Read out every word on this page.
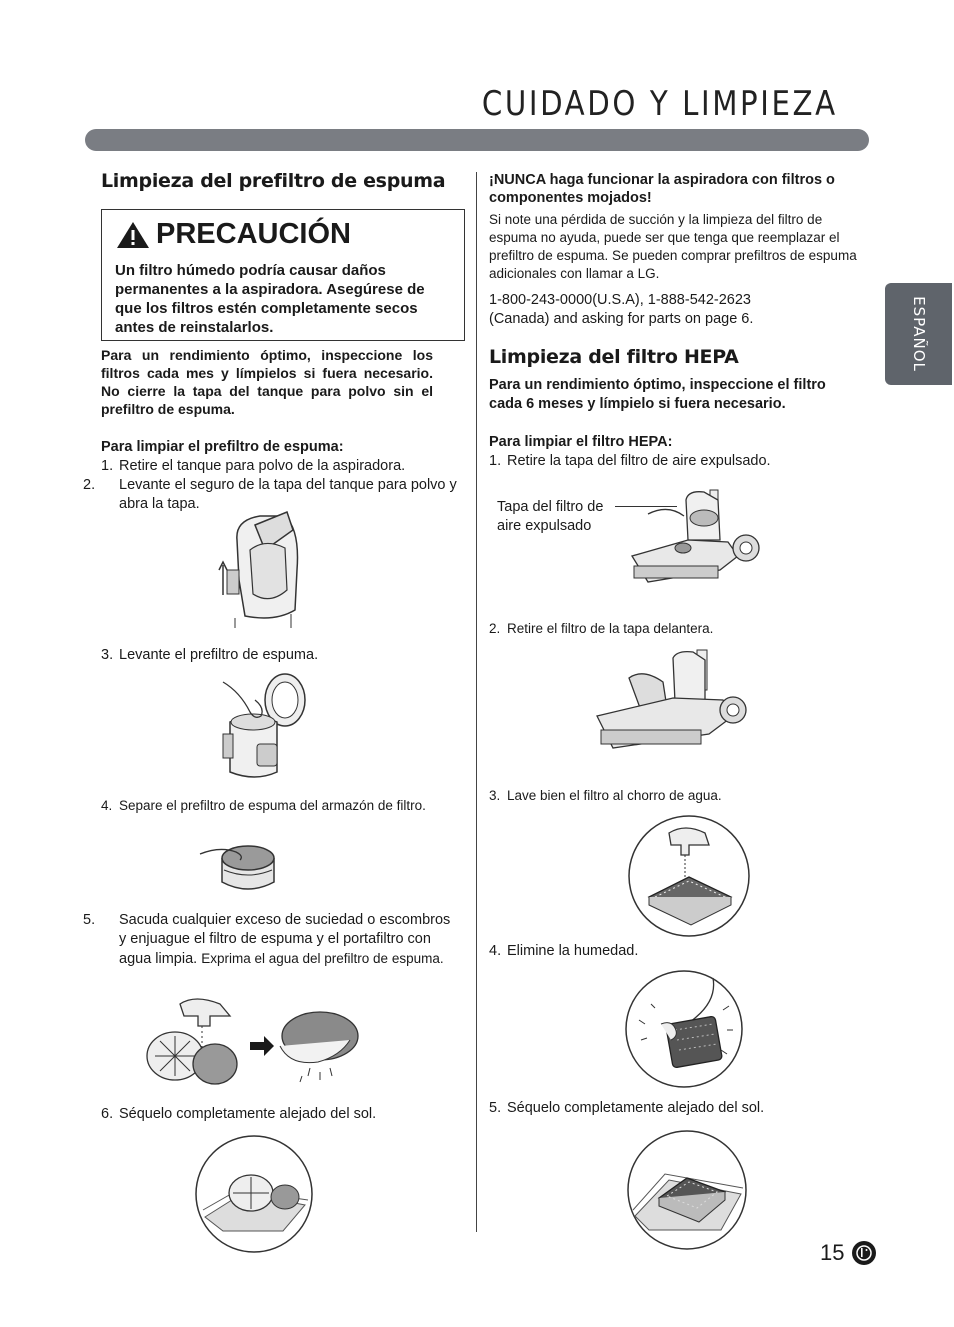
CUIDADO Y LIMPIEZA
ESPAÑOL
Limpieza del prefiltro de espuma
PRECAUCIÓN
Un filtro húmedo podría causar daños permanentes a la aspiradora. Asegúrese de que los filtros estén completamente secos antes de reinstalarlos.
Para un rendimiento óptimo, inspeccione los filtros cada mes y límpielos si fuera necesario. No cierre la tapa del tanque para polvo sin el prefiltro de espuma.
Para limpiar el prefiltro de espuma:
1. Retire el tanque para polvo de la aspiradora.
2. Levante el seguro de la tapa del tanque para polvo y abra la tapa.
3. Levante el prefiltro de espuma.
4. Separe el prefiltro de espuma del armazón de filtro.
5. Sacuda cualquier exceso de suciedad o escombros y enjuague el filtro de espuma y el portafiltro con agua limpia. Exprima el agua del prefiltro de espuma.
6. Séquelo completamente alejado del sol.
¡NUNCA haga funcionar la aspiradora con filtros o componentes mojados!
Si note una pérdida de succión y la limpieza del filtro de espuma no ayuda, puede ser que tenga que reemplazar el prefiltro de espuma. Se pueden comprar prefiltros de espuma adicionales con llamar a LG.
1-800-243-0000(U.S.A), 1-888-542-2623 (Canada) and asking for parts on page 6.
Limpieza del filtro HEPA
Para un rendimiento óptimo, inspeccione el filtro cada 6 meses y límpielo si fuera necesario.
Para limpiar el filtro HEPA:
1. Retire la tapa del filtro de aire expulsado.
Tapa del filtro de aire expulsado
2. Retire el filtro de la tapa delantera.
3. Lave bien el filtro al chorro de agua.
4. Elimine la humedad.
5. Séquelo completamente alejado del sol.
15
